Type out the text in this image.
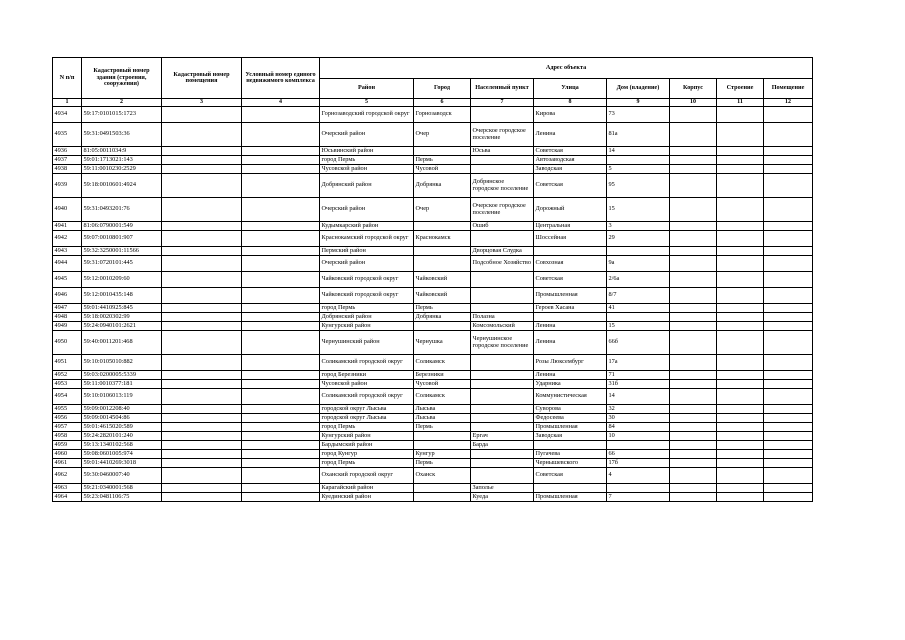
N п/п	Кадастровый номер здания (строения, сооружения)	Кадастровый номер помещения	Условный номер единого недвижимого комплекса	Адрес объекта							
				Район	Город	Населенный пункт	Улица	Дом (владение)	Корпус	Строение	Помещение
1	2	3	4	5	6	7	8	9	10	11	12
4934	59:17:0101015:1723			Горнозаводский городской округ	Горнозаводск		Кирова	73			
4935	59:31:0491503:36			Очерский район	Очер	Очерское городское поселение	Ленина	81а			
4936	81:05:0011034:9			Юсьвинский район		Юсьва	Советская	14			
4937	59:01:1713021:143			город Пермь	Пермь		Автозаводская				
4938	59:11:0010230:2529			Чусовской район	Чусовой		Заводская	5			
4939	59:18:0010601:4924			Добрянский район	Добрянка	Добрянское городское поселение	Советская	95			
4940	59:31:0493201:76			Очерский район	Очер	Очерское городское поселение	Дорожный	15			
4941	81:06:0790001:549			Кудымкарский район		Ошиб	Центральная	3			
4942	59:07:0010801:907			Краснокамский городской округ	Краснокамск		Шоссейная	29			
4943	59:32:3250001:11566			Пермский район		Дворцовая Слудка					
4944	59:31:0720101:445			Очерский район		Подсобное Хозяйство	Совхозная	9а			
4945	59:12:0010209:60			Чайковский городской округ	Чайковский		Советская	2/6а			
4946	59:12:0010435:148			Чайковский городской округ	Чайковский		Промышленная	8/7			
4947	59:01:4410925:845			город Пермь	Пермь		Героев Хасана	41			
4948	59:18:0020302:99			Добрянский район	Добрянка	Полазна					
4949	59:24:0940101:2621			Кунгурский район		Комсомольский	Ленина	15			
4950	59:40:0011201:468			Чернушинский район	Чернушка	Чернушинское городское поселение	Ленина	66б			
4951	59:10:0105010:882			Соликамский городской округ	Соликамск		Розы Люксембург	17а			
4952	59:03:0200005:5339			город Березники	Березники		Ленина	71			
4953	59:11:0010377:181			Чусовской район	Чусовой		Ударника	31б			
4954	59:10:0106013:119			Соликамский городской округ	Соликамск		Коммунистическая	14			
4955	59:09:0012208:40			городской округ Лысьва	Лысьва		Суворова	32			
4956	59:09:0014504:86			городской округ Лысьва	Лысьва		Федосеева	30			
4957	59:01:4615020:589			город Пермь	Пермь		Промышленная	84			
4958	59:24:2820101:240			Кунгурский район		Ергач	Заводская	10			
4959	59:13:1340102:568			Бардымский район		Барда					
4960	59:08:0601005:974			город Кунгур	Кунгур		Пугачева	66			
4961	59:01:4410269:3018			город Пермь	Пермь		Чернышевского	17б			
4962	59:30:0460007:40			Оханский городской округ	Оханск		Советская	4			
4963	59:21:0340001:568			Карагайский район		Заполье					
4964	59:23:0481106:75			Куединский район		Куеда	Промышленная	7			
